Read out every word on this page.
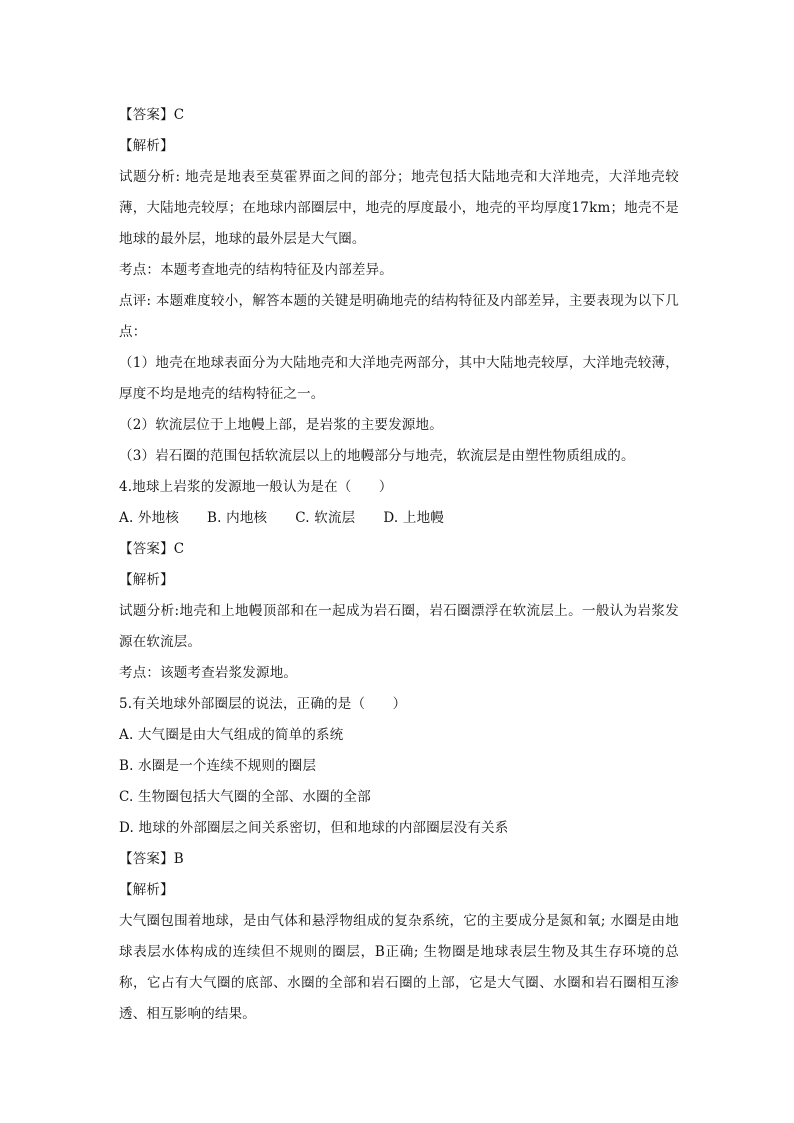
【答案】C
【解析】
试题分析: 地壳是地表至莫霍界面之间的部分；地壳包括大陆地壳和大洋地壳，大洋地壳较薄，大陆地壳较厚；在地球内部圈层中，地壳的厚度最小，地壳的平均厚度17km；地壳不是地球的最外层，地球的最外层是大气圈。
考点：本题考查地壳的结构特征及内部差异。
点评: 本题难度较小，解答本题的关键是明确地壳的结构特征及内部差异，主要表现为以下几点：
（1）地壳在地球表面分为大陆地壳和大洋地壳两部分，其中大陆地壳较厚，大洋地壳较薄，厚度不均是地壳的结构特征之一。
（2）软流层位于上地幔上部，是岩浆的主要发源地。
（3）岩石圈的范围包括软流层以上的地幔部分与地壳，软流层是由塑性物质组成的。
4.地球上岩浆的发源地一般认为是在（　　）
A. 外地核 B. 内地核 C. 软流层 D. 上地幔
【答案】C
【解析】
试题分析:地壳和上地幔顶部和在一起成为岩石圈，岩石圈漂浮在软流层上。一般认为岩浆发源在软流层。
考点：该题考查岩浆发源地。
5.有关地球外部圈层的说法，正确的是（　　）
A. 大气圈是由大气组成的简单的系统
B. 水圈是一个连续不规则的圈层
C. 生物圈包括大气圈的全部、水圈的全部
D. 地球的外部圈层之间关系密切，但和地球的内部圈层没有关系
【答案】B
【解析】
大气圈包围着地球，是由气体和悬浮物组成的复杂系统，它的主要成分是氮和氧; 水圈是由地球表层水体构成的连续但不规则的圈层，B正确; 生物圈是地球表层生物及其生存环境的总称，它占有大气圈的底部、水圈的全部和岩石圈的上部，它是大气圈、水圈和岩石圈相互渗透、相互影响的结果。
